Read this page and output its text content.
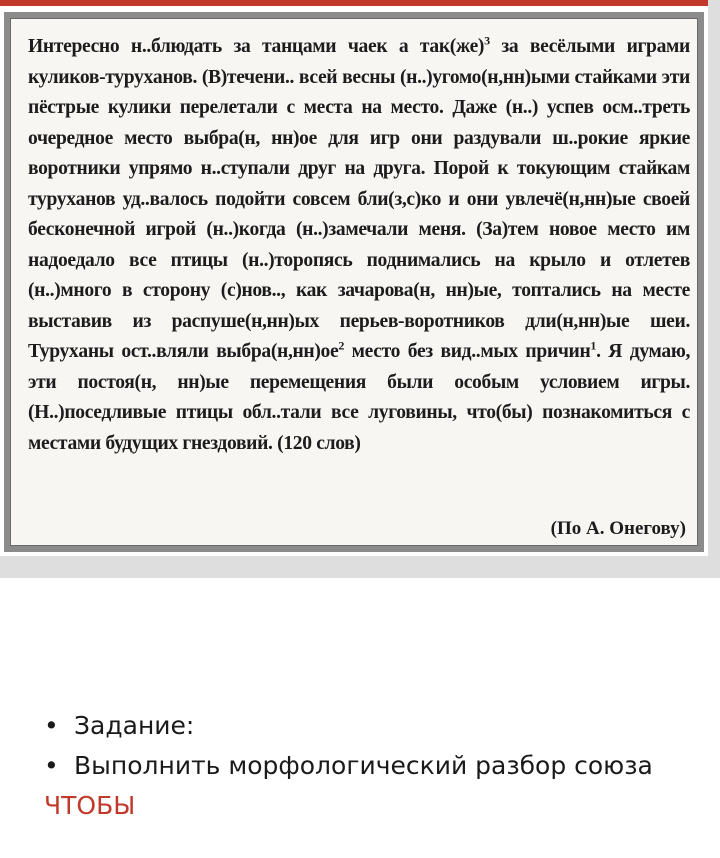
Интересно н..блюдать за танцами чаек а так(же)$^3$ за весёлыми играми куликов-турухaнов. (В)течени.. всей весны (н..)угомо(н,нн)ыми стайками эти пёстрые кулики перелетали с места на место. Даже (н..) успев осм..треть очередное место выбра(н, нн)ое для игр они раздували ш..рокие яркие воротники упрямо н..ступали друг на друга. Порой к токующим стайкам турухaнов уд..валось подойти совсем бли(з,с)ко и они увлечё(н,нн)ые своей бесконечной игрой (н..)когда (н..)замечали меня. (За)тем новое место им надоедало все птицы (н..)торопясь поднимались на крыло и отлетев (н..)много в сторону (с)нов.., как зачарова(н, нн)ые, топтались на месте выставив из распуше(н,нн)ых перьев-воротников дли(н,нн)ые шеи. Турухaны ост..вляли $выбра(н,нн)ое^2$ место без вид..мых причин$^1$. Я думаю, эти постоя(н, нн)ые перемещения были особым условием игры. (Н..)поседливые птицы обл..тали все луговины, что(бы) познакомиться с местами будущих гнездовий. (120 слов)

(По А. Онегову)
• Задание:
• Выполнить морфологический разбор союза
ЧТОБЫ
